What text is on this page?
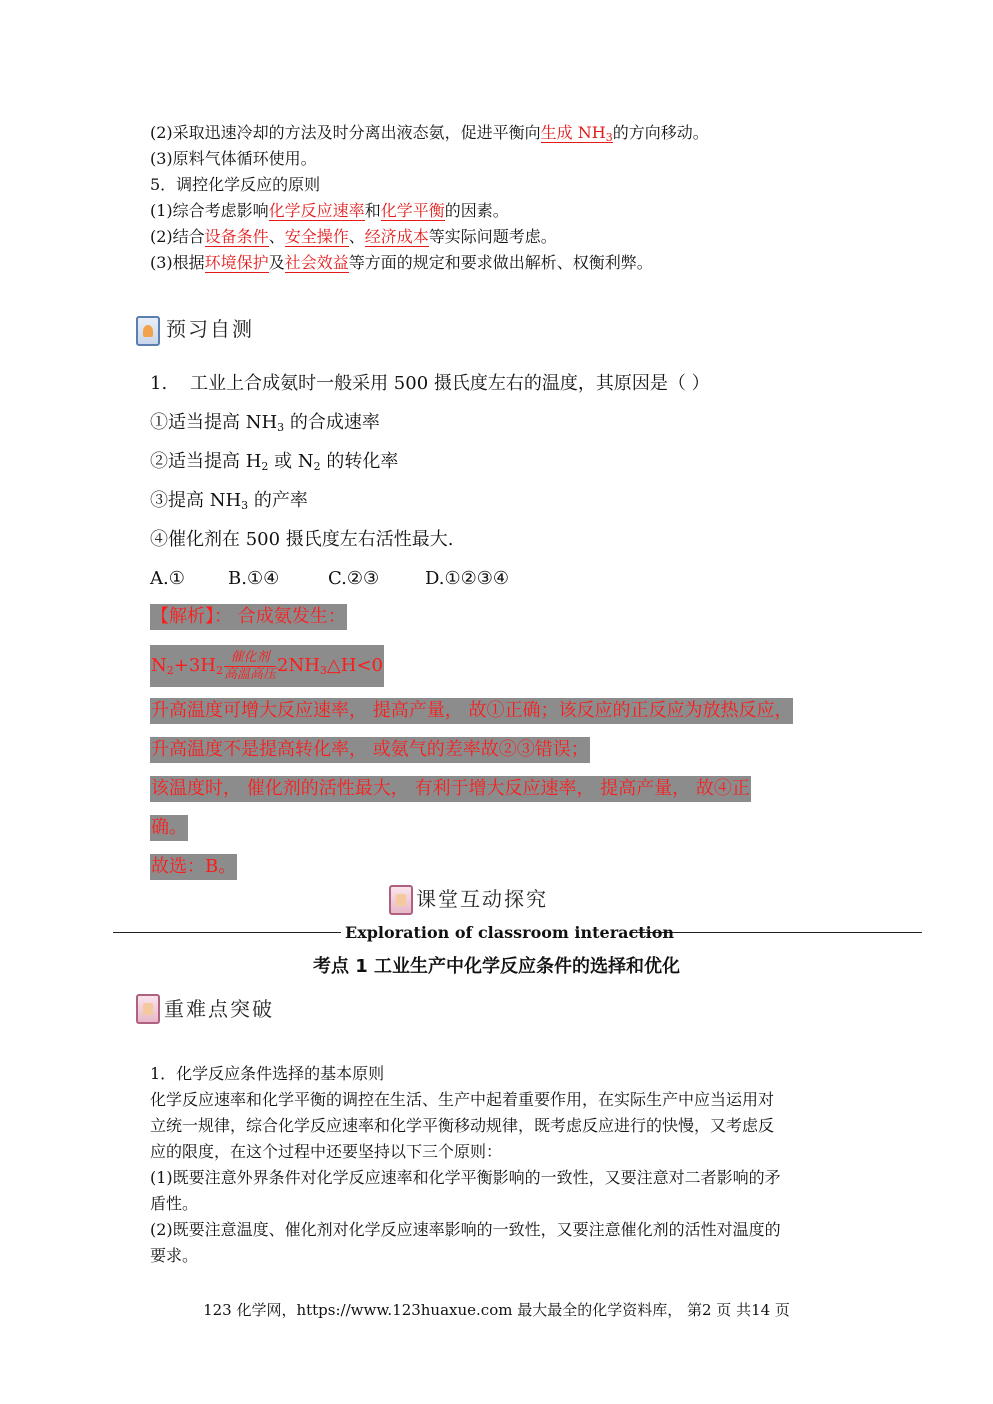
(2)采取迅速冷却的方法及时分离出液态氨，促进平衡向生成 $NH_3$的方向移动。
(3)原料气体循环使用。
5．调控化学反应的原则
(1)综合考虑影响化学反应速率和化学平衡的因素。
(2)结合设备条件、安全操作、经济成本等实际问题考虑。
(3)根据环境保护及社会效益等方面的规定和要求做出解析、权衡利弊。
预习自测
1. 工业上合成氨时一般采用 500 摄氏度左右的温度，其原因是（ ）
①适当提高 $NH_3$ 的合成速率
②适当提高 $H_2$ 或 $N_2$ 的转化率
③提高 $NH_3$ 的产率
④催化剂在 500 摄氏度左右活性最大.
A.① B.①④	C.②③	D.①②③④
【解析】： 合成氨发生：
$N_2+3H_2 \frac{\text{催化剂}}{\text{高温高压}}$ $2NH_3\triangle H<0$
升高温度可增大反应速率， 提高产量， 故①正确；该反应的正反应为放热反应，
升高温度不是提高转化率， 或氨气的差率故②③错误；
该温度时， 催化剂的活性最大， 有利于增大反应速率， 提高产量， 故④正
确。
故选：B。
课堂互动探究
Exploration of classroom interaction
考点 1 工业生产中化学反应条件的选择和优化
重难点突破
1．化学反应条件选择的基本原则
化学反应速率和化学平衡的调控在生活、生产中起着重要作用，在实际生产中应当运用对
立统一规律，综合化学反应速率和化学平衡移动规律，既考虑反应进行的快慢，又考虑反
应的限度，在这个过程中还要坚持以下三个原则：
(1)既要注意外界条件对化学反应速率和化学平衡影响的一致性，又要注意对二者影响的矛
盾性。
(2)既要注意温度、催化剂对化学反应速率影响的一致性，又要注意催化剂的活性对温度的
要求。
123 化学网，https://www.123huaxue.com 最大最全的化学资料库， 第2 页 共14 页
